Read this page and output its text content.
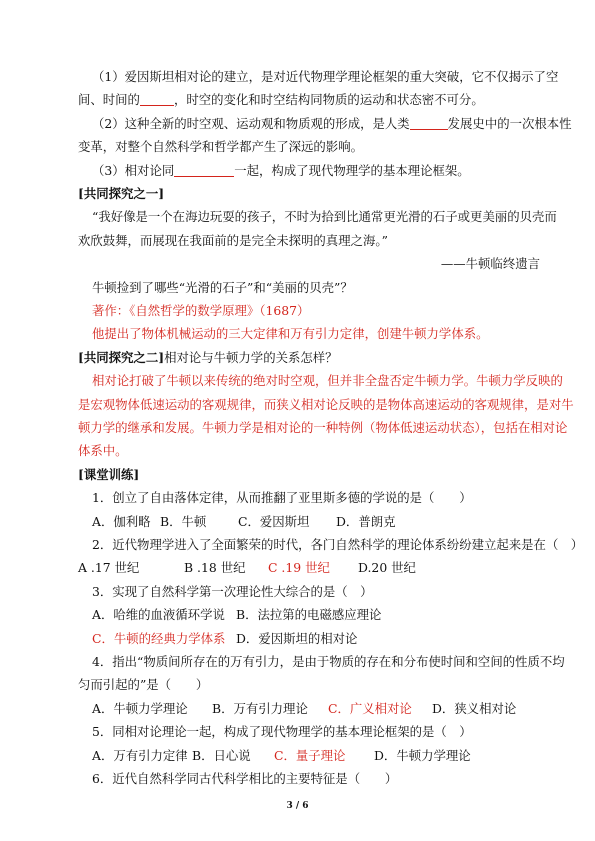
（1）爱因斯坦相对论的建立，是对近代物理学理论框架的重大突破，它不仅揭示了空

间、时间的	，时空的变化和时空结构同物质的运动和状态密不可分。

（2）这种全新的时空观、运动观和物质观的形成，是人类	发展史中的一次根本性

变革，对整个自然科学和哲学都产生了深远的影响。

（3）相对论同	一起，构成了现代物理学的基本理论框架。

[共同探究之一]

“我好像是一个在海边玩耍的孩子，不时为拾到比通常更光滑的石子或更美丽的贝壳而

欢欣鼓舞，而展现在我面前的是完全未探明的真理之海。”

——牛顿临终遗言

牛顿捡到了哪些“光滑的石子”和“美丽的贝壳”？

著作：《自然哲学的数学原理》（1687）

他提出了物体机械运动的三大定律和万有引力定律，创建牛顿力学体系。

[共同探究之二]相对论与牛顿力学的关系怎样？

相对论打破了牛顿以来传统的绝对时空观，但并非全盘否定牛顿力学。牛顿力学反映的

是宏观物体低速运动的客观规律，而狭义相对论反映的是物体高速运动的客观规律，是对牛

顿力学的继承和发展。牛顿力学是相对论的一种特例（物体低速运动状态），包括在相对论

体系中。

[课堂训练]

1．创立了自由落体定律，从而推翻了亚里斯多德的学说的是（　　）

A．伽利略 B．牛顿	C．爱因斯坦 D．普朗克

2．近代物理学进入了全面繁荣的时代，各门自然科学的理论体系纷纷建立起来是在（　）

A .17 世纪	B .18 世纪 C .19 世纪 D.20 世纪

3．实现了自然科学第一次理论性大综合的是（　）

A．哈维的血液循环学说 B．法拉第的电磁感应理论

C．牛顿的经典力学体系 D．爱因斯坦的相对论

4．指出“物质间所存在的万有引力，是由于物质的存在和分布使时间和空间的性质不均

匀而引起的”是（　　）

A．牛顿力学理论 B．万有引力理论 C．广义相对论 D．狭义相对论

5．同相对论理论一起，构成了现代物理学的基本理论框架的是（　）

3 / 6

A．万有引力定律 B．日心说 C．量子理论 D．牛顿力学理论

6．近代自然科学同古代科学相比的主要特征是（　　）
